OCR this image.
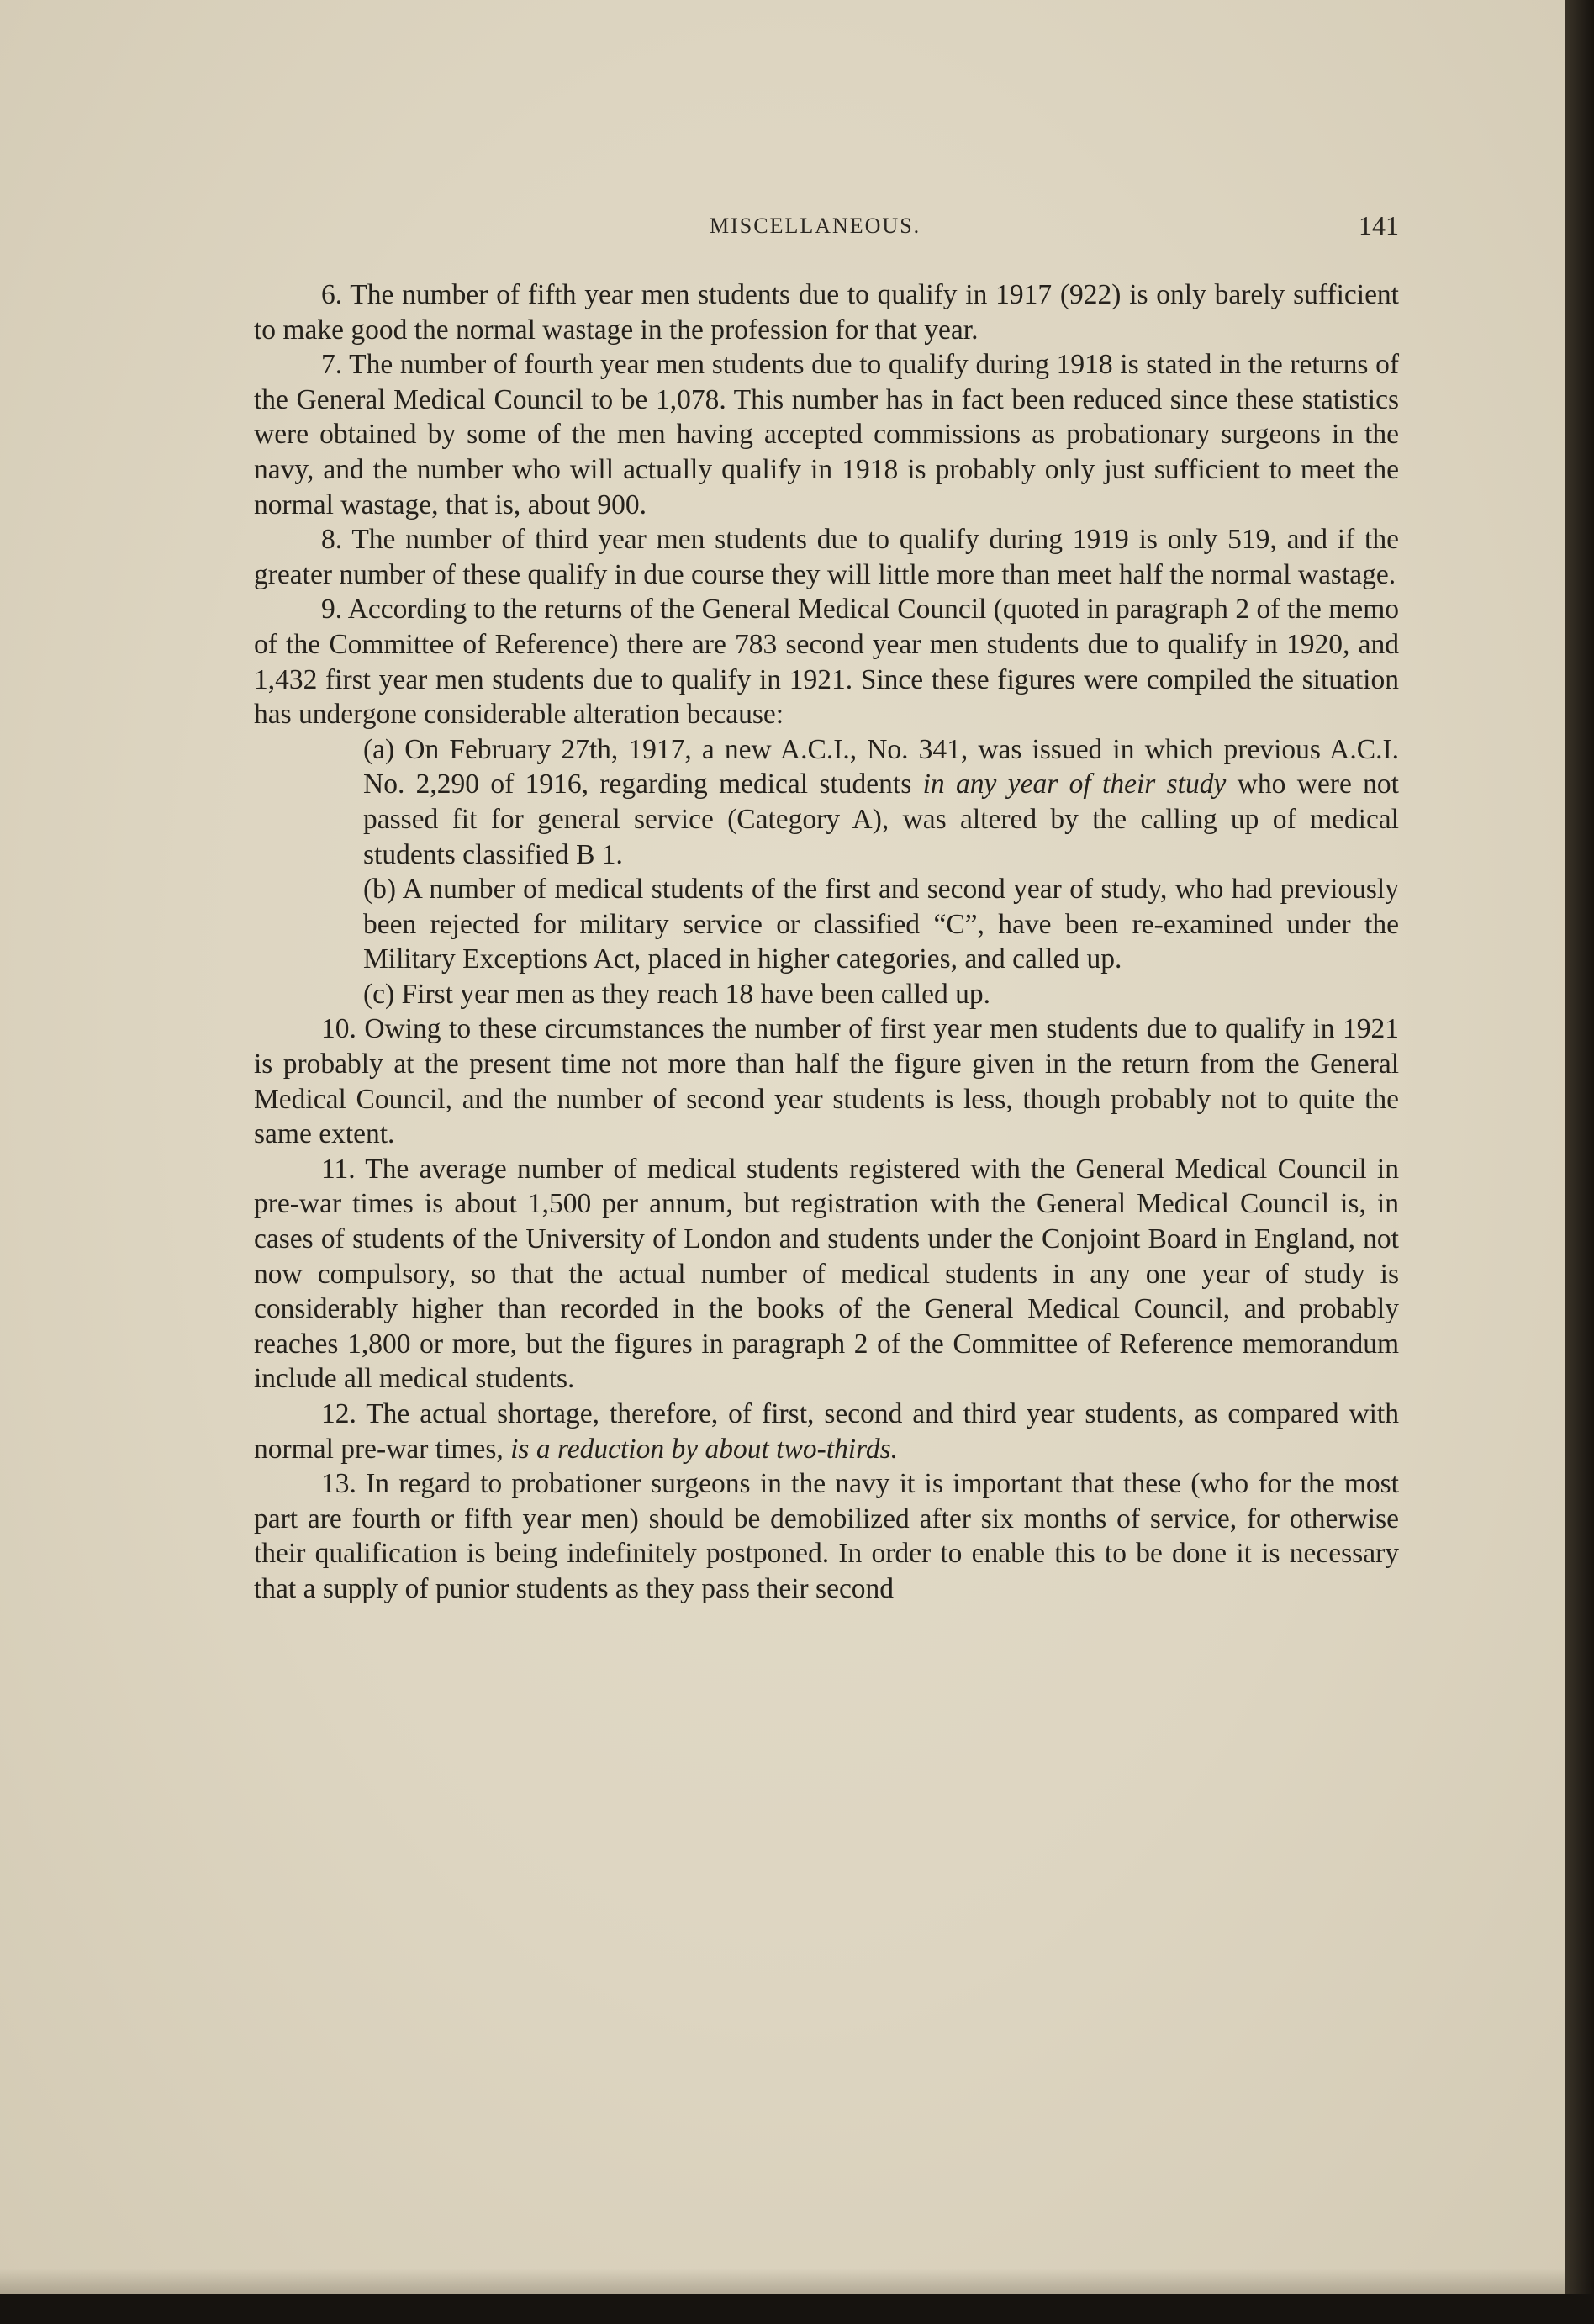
MISCELLANEOUS.	141

6. The number of fifth year men students due to qualify in 1917 (922) is only barely sufficient to make good the normal wastage in the profession for that year.

7. The number of fourth year men students due to qualify during 1918 is stated in the returns of the General Medical Council to be 1,078. This number has in fact been reduced since these statistics were obtained by some of the men having accepted commissions as probationary surgeons in the navy, and the number who will actually qualify in 1918 is probably only just sufficient to meet the normal wastage, that is, about 900.

8. The number of third year men students due to qualify during 1919 is only 519, and if the greater number of these qualify in due course they will little more than meet half the normal wastage.

9. According to the returns of the General Medical Council (quoted in paragraph 2 of the memo of the Committee of Reference) there are 783 second year men students due to qualify in 1920, and 1,432 first year men students due to qualify in 1921. Since these figures were compiled the situation has undergone considerable alteration because:

(a) On February 27th, 1917, a new A.C.I., No. 341, was issued in which previous A.C.I. No. 2,290 of 1916, regarding medical students in any year of their study who were not passed fit for general service (Category A), was altered by the calling up of medical students classified B 1.

(b) A number of medical students of the first and second year of study, who had previously been rejected for military service or classified “C”, have been re-examined under the Military Exceptions Act, placed in higher categories, and called up.

(c) First year men as they reach 18 have been called up.

10. Owing to these circumstances the number of first year men students due to qualify in 1921 is probably at the present time not more than half the figure given in the return from the General Medical Council, and the number of second year students is less, though probably not to quite the same extent.

11. The average number of medical students registered with the General Medical Council in pre-war times is about 1,500 per annum, but registration with the General Medical Council is, in cases of students of the University of London and students under the Conjoint Board in England, not now compulsory, so that the actual number of medical students in any one year of study is considerably higher than recorded in the books of the General Medical Council, and probably reaches 1,800 or more, but the figures in paragraph 2 of the Committee of Reference memorandum include all medical students.

12. The actual shortage, therefore, of first, second and third year students, as compared with normal pre-war times, is a reduction by about two-thirds.

13. In regard to probationer surgeons in the navy it is important that these (who for the most part are fourth or fifth year men) should be demobilized after six months of service, for otherwise their qualification is being indefinitely postponed. In order to enable this to be done it is necessary that a supply of punior students as they pass their second
